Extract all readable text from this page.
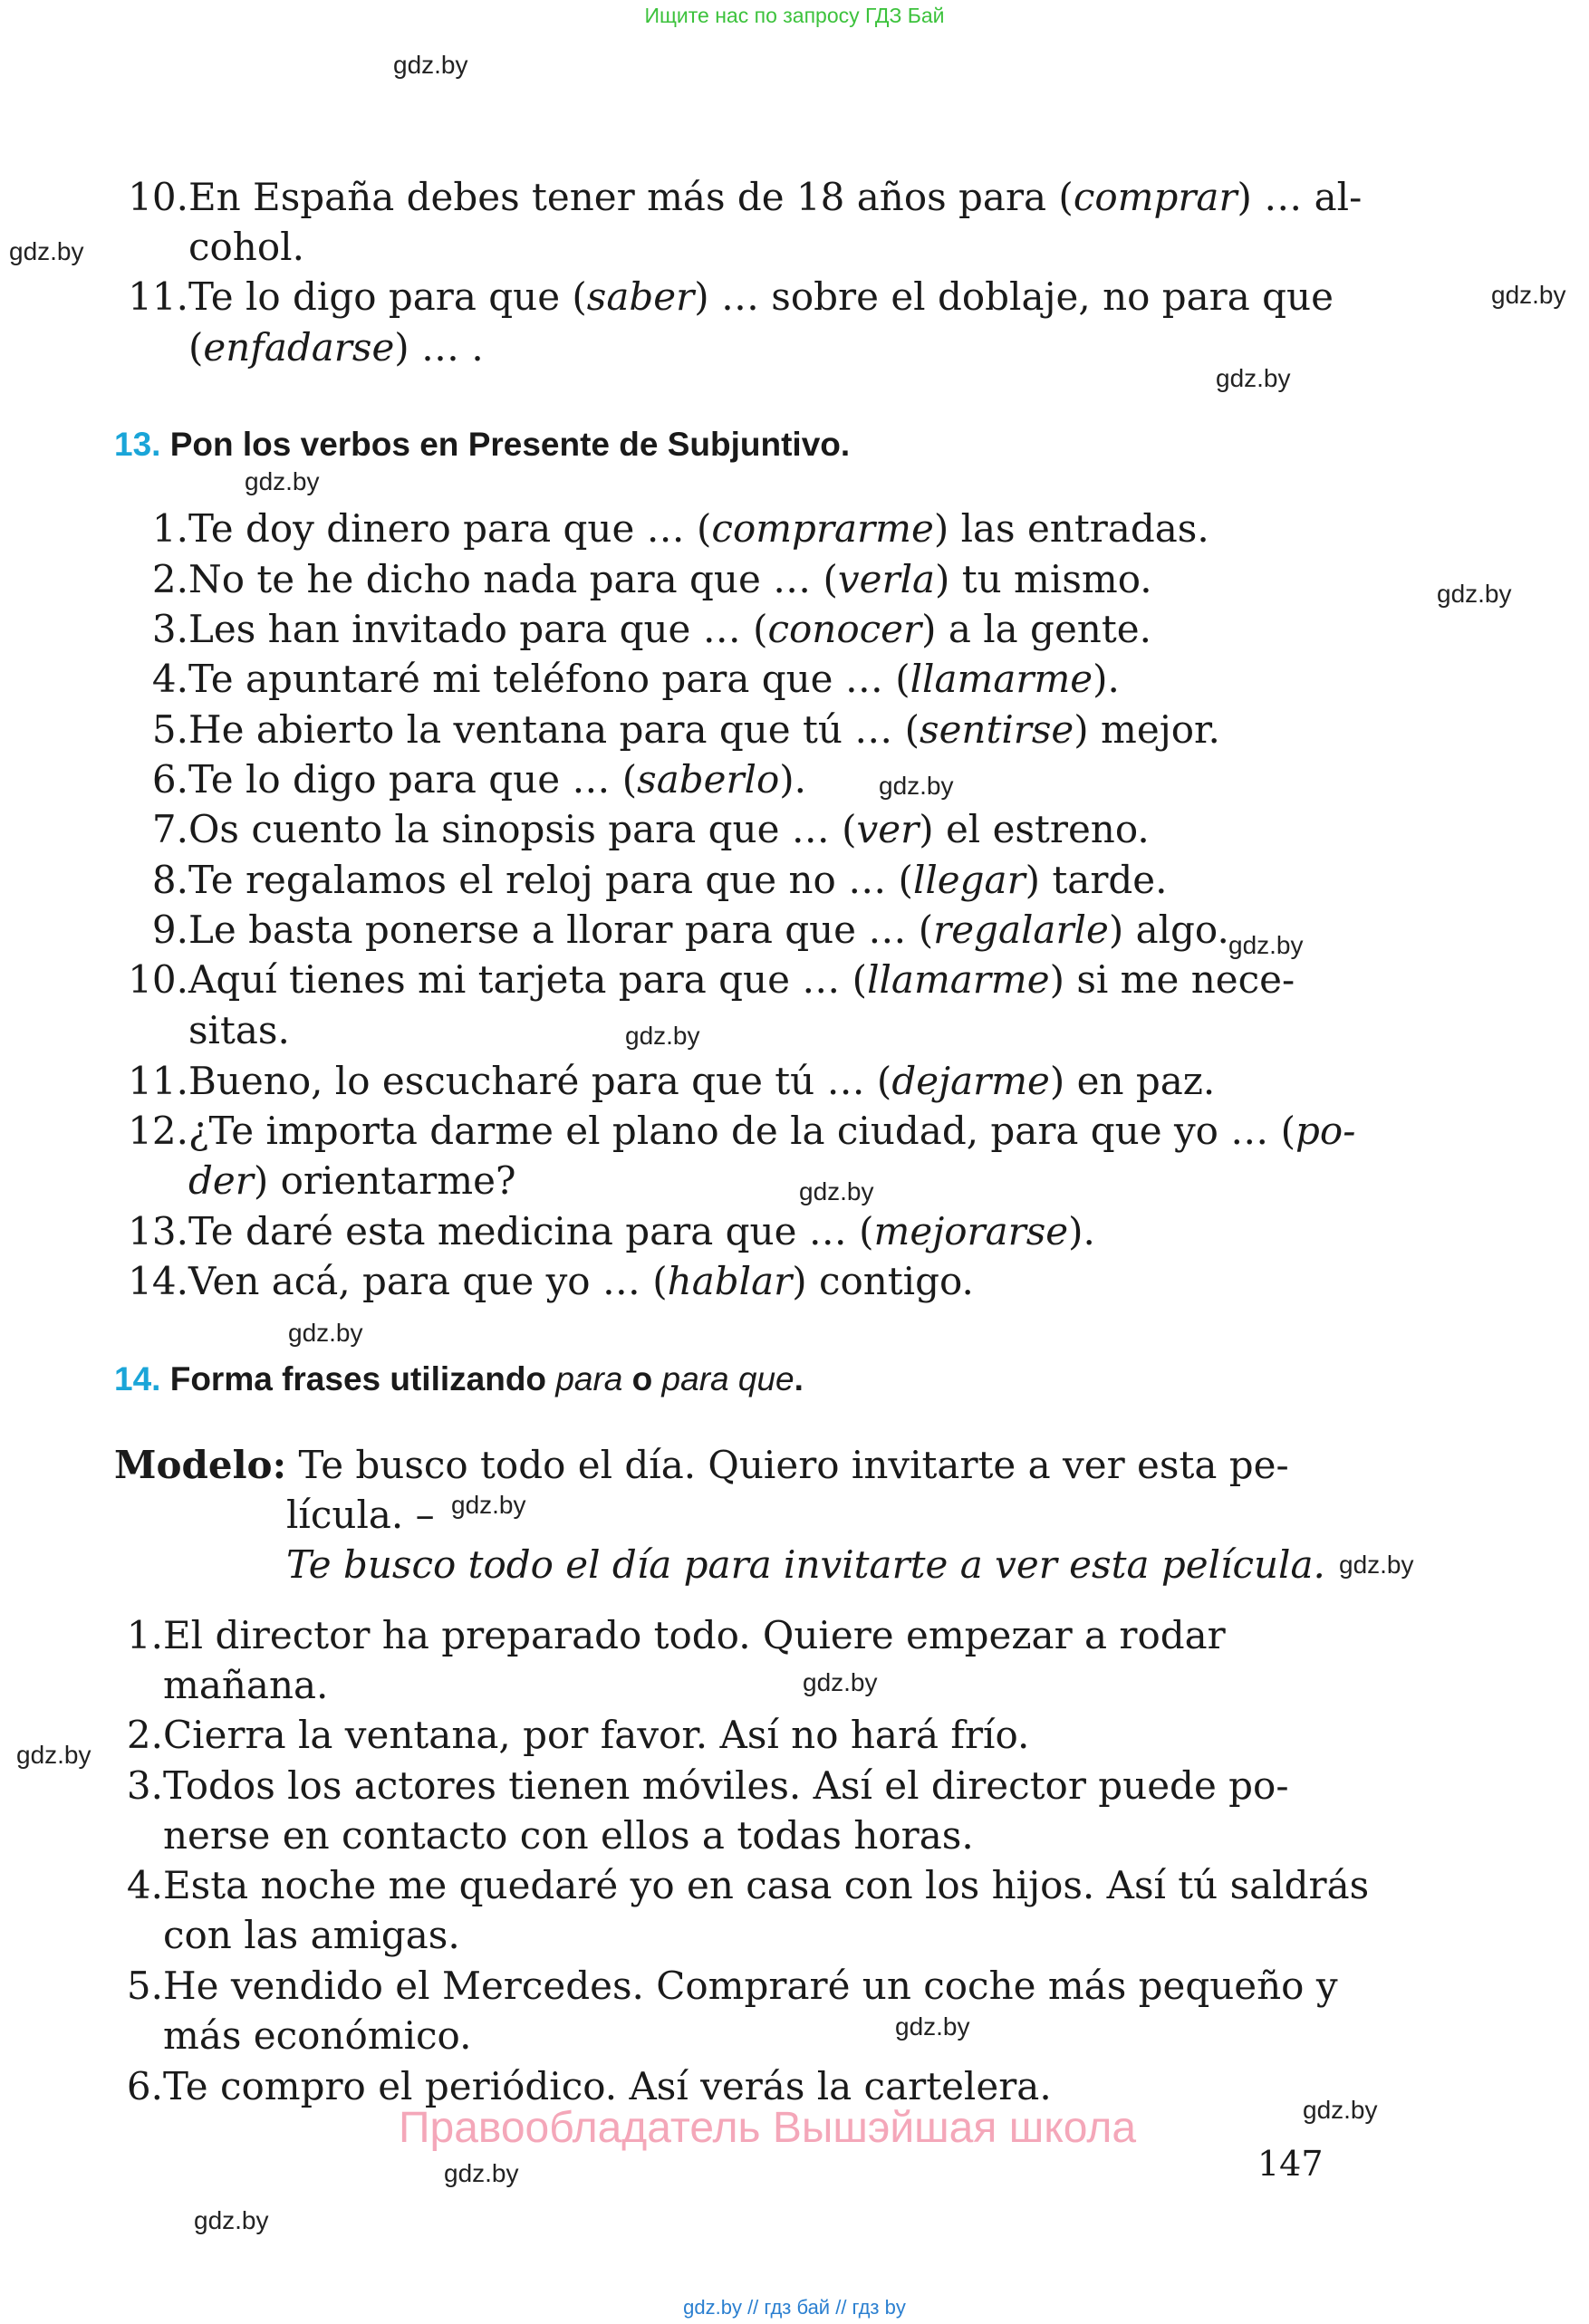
Ищите нас по запросу ГДЗ Бай
gdz.by
gdz.by
gdz.by
gdz.by
gdz.by
gdz.by
gdz.by
gdz.by
gdz.by
gdz.by
gdz.by
gdz.by
gdz.by
gdz.by
gdz.by
gdz.by
gdz.by
gdz.by
gdz.by
10. En España debes tener más de 18 años para (comprar) … al-
cohol.
11. Te lo digo para que (saber) … sobre el doblaje, no para que
(enfadarse) … .
13. Pon los verbos en Presente de Subjuntivo.
1. Te doy dinero para que … (comprarme) las entradas.
2. No te he dicho nada para que … (verla) tu mismo.
3. Les han invitado para que … (conocer) a la gente.
4. Te apuntaré mi teléfono para que … (llamarme).
5. He abierto la ventana para que tú … (sentirse) mejor.
6. Te lo digo para que … (saberlo).
7. Os cuento la sinopsis para que … (ver) el estreno.
8. Te regalamos el reloj para que no … (llegar) tarde.
9. Le basta ponerse a llorar para que … (regalarle) algo.
10. Aquí tienes mi tarjeta para que … (llamarme) si me nece-
sitas.
11. Bueno, lo escucharé para que tú … (dejarme) en paz.
12. ¿Te importa darme el plano de la ciudad, para que yo … (po-
der) orientarme?
13. Te daré esta medicina para que … (mejorarse).
14. Ven acá, para que yo … (hablar) contigo.
14. Forma frases utilizando para o para que.
Modelo: Te busco todo el día. Quiero invitarte a ver esta pe-
lícula. –
Te busco todo el día para invitarte a ver esta película.
1. El director ha preparado todo. Quiere empezar a rodar
mañana.
2. Cierra la ventana, por favor. Así no hará frío.
3. Todos los actores tienen móviles. Así el director puede po-
nerse en contacto con ellos a todas horas.
4. Esta noche me quedaré yo en casa con los hijos. Así tú saldrás
con las amigas.
5. He vendido el Mercedes. Compraré un coche más pequeño y
más económico.
6. Te compro el periódico. Así verás la cartelera.
Правообладатель Вышэйшая школа
147
gdz.by // гдз бай // гдз by
